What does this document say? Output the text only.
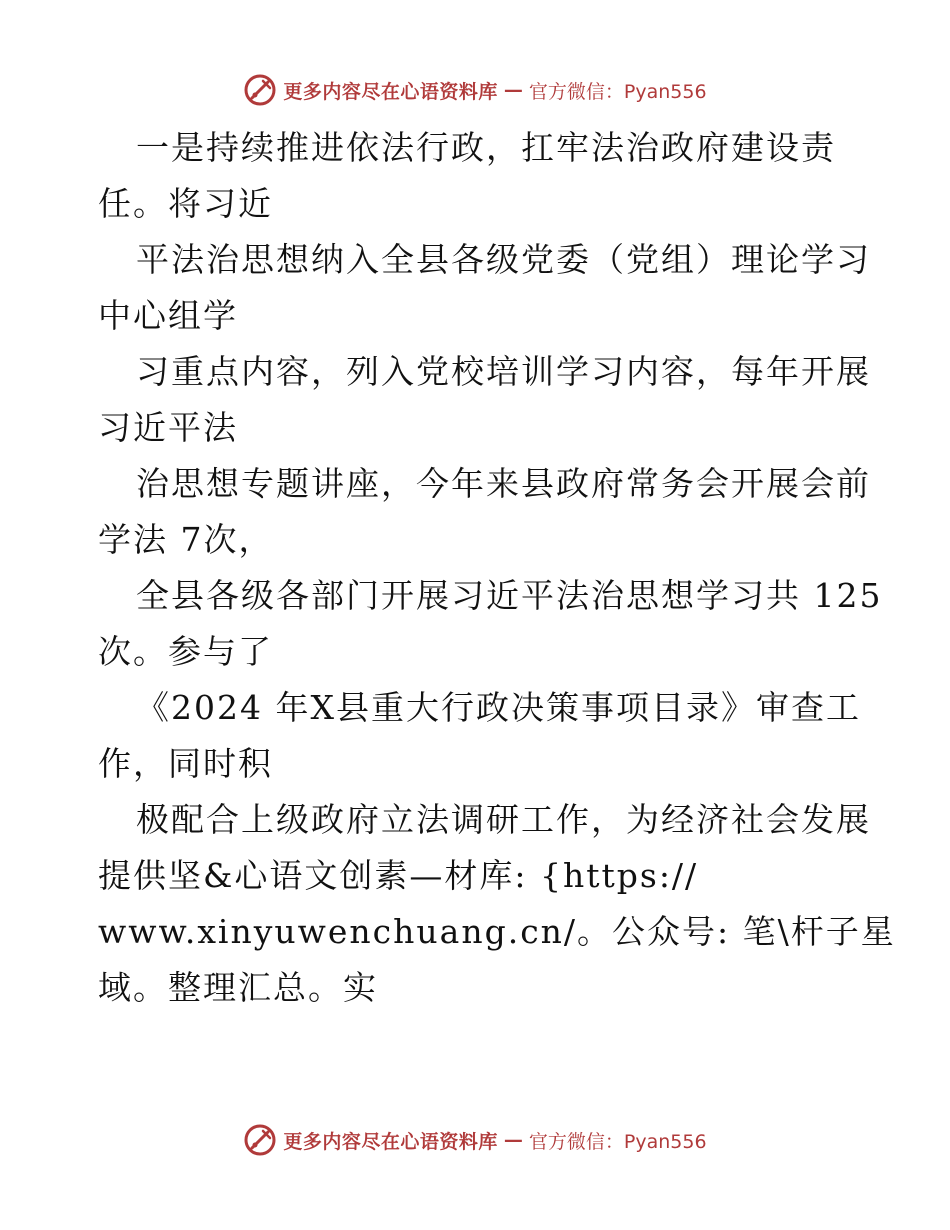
更多内容尽在心语资料库 — 官方微信：Pyan556
一是持续推进依法行政，扛牢法治政府建设责
任。将习近
平法治思想纳入全县各级党委（党组）理论学习
中心组学
习重点内容，列入党校培训学习内容，每年开展
习近平法
治思想专题讲座，今年来县政府常务会开展会前
学法 7次，
全县各级各部门开展习近平法治思想学习共 125
次。参与了
《2024 年X县重大行政决策事项目录》审查工
作，同时积
极配合上级政府立法调研工作，为经济社会发展
提供坚&心语文创素—材库: {https://
www.xinyuwenchuang.cn/。公众号: 笔\杆子星
域。整理汇总。实
更多内容尽在心语资料库 — 官方微信：Pyan556
